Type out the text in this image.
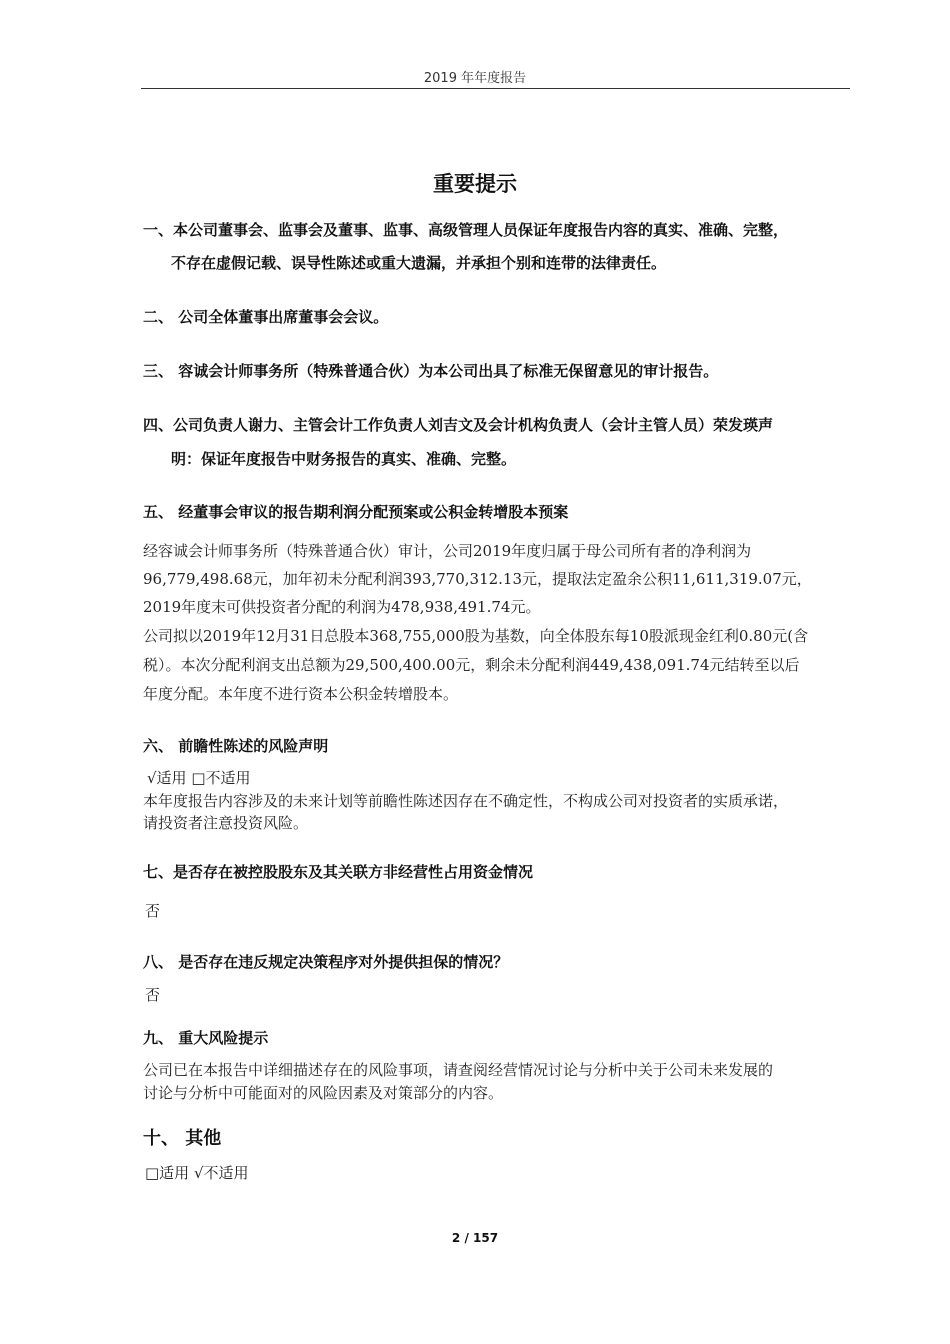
2019 年年度报告
重要提示
一、本公司董事会、监事会及董事、监事、高级管理人员保证年度报告内容的真实、准确、完整，
不存在虚假记载、误导性陈述或重大遗漏，并承担个别和连带的法律责任。
二、 公司全体董事出席董事会会议。
三、 容诚会计师事务所（特殊普通合伙）为本公司出具了标准无保留意见的审计报告。
四、公司负责人谢力、主管会计工作负责人刘吉文及会计机构负责人（会计主管人员）荣发瑛声
明：保证年度报告中财务报告的真实、准确、完整。
五、 经董事会审议的报告期利润分配预案或公积金转增股本预案
经容诚会计师事务所（特殊普通合伙）审计，公司2019年度归属于母公司所有者的净利润为
96,779,498.68元，加年初未分配利润393,770,312.13元，提取法定盈余公积11,611,319.07元，
2019年度末可供投资者分配的利润为478,938,491.74元。
公司拟以2019年12月31日总股本368,755,000股为基数，向全体股东每10股派现金红利0.80元(含
税）。本次分配利润支出总额为29,500,400.00元，剩余未分配利润449,438,091.74元结转至以后
年度分配。本年度不进行资本公积金转增股本。
六、 前瞻性陈述的风险声明
√适用 □不适用
本年度报告内容涉及的未来计划等前瞻性陈述因存在不确定性，不构成公司对投资者的实质承诺，
请投资者注意投资风险。
七、是否存在被控股股东及其关联方非经营性占用资金情况
否
八、 是否存在违反规定决策程序对外提供担保的情况？
否
九、 重大风险提示
公司已在本报告中详细描述存在的风险事项，请查阅经营情况讨论与分析中关于公司未来发展的
讨论与分析中可能面对的风险因素及对策部分的内容。
十、 其他
□适用 √不适用
2 / 157
